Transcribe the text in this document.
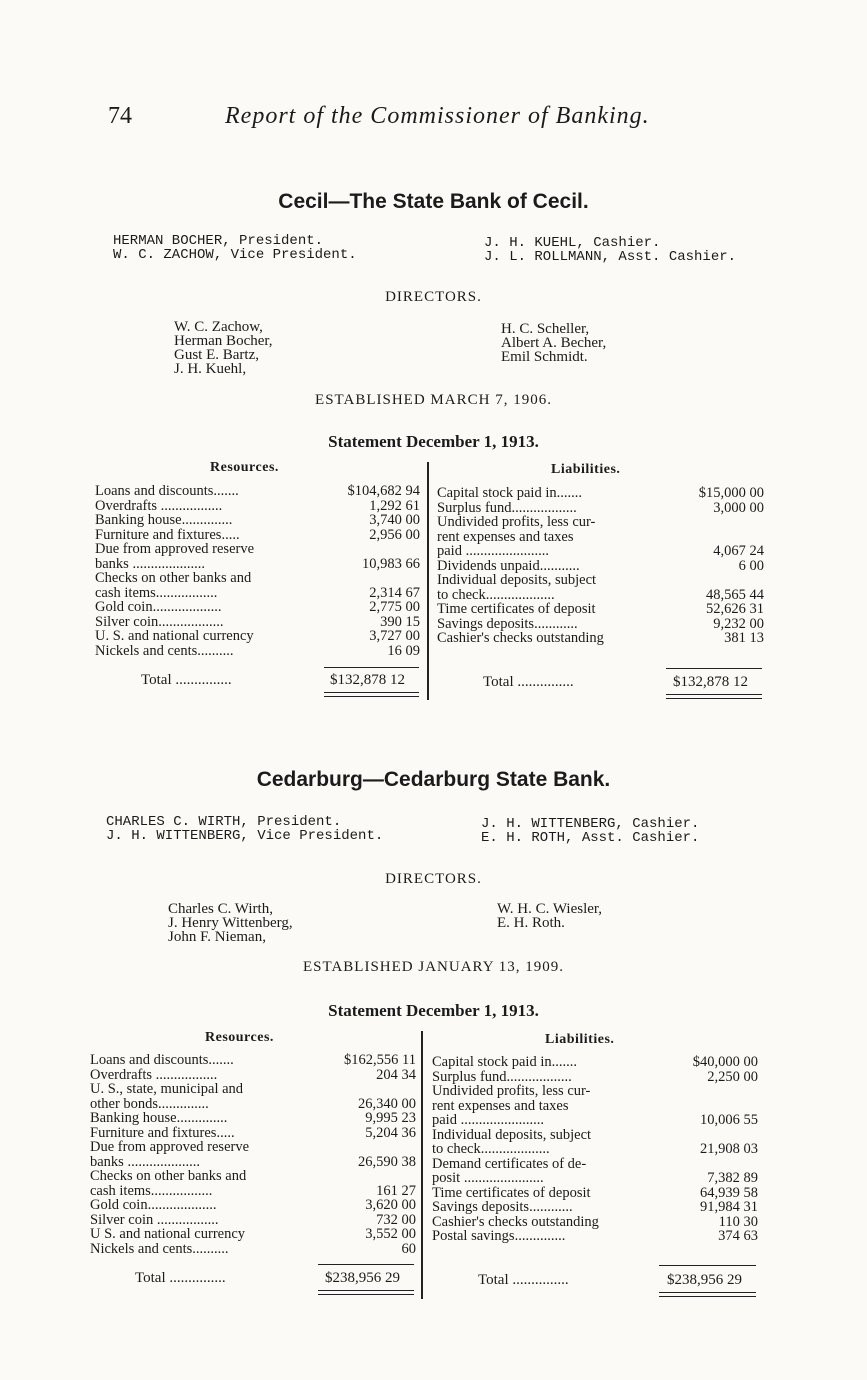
74	Report of the Commissioner of Banking.
Cecil—The State Bank of Cecil.
HERMAN BOCHER, President.
W. C. ZACHOW, Vice President.
J. H. KUEHL, Cashier.
J. L. ROLLMANN, Asst. Cashier.
DIRECTORS.
W. C. Zachow,
Herman Bocher,
Gust E. Bartz,
J. H. Kuehl,
H. C. Scheller,
Albert A. Becher,
Emil Schmidt.
ESTABLISHED MARCH 7, 1906.
Statement December 1, 1913.
Resources.	Liabilities.
Loans and discounts.......	$104,682 94
Overdrafts .................	1,292 61
Banking house..............	3,740 00
Furniture and fixtures.....	2,956 00
Due from approved reserve
banks ....................	10,983 66
Checks on other banks and
cash items.................	2,314 67
Gold coin...................	2,775 00
Silver coin..................	390 15
U. S. and national currency	3,727 00
Nickels and cents..........	16 09
Capital stock paid in.......	$15,000 00
Surplus fund..................	3,000 00
Undivided profits, less cur-
rent expenses and taxes
paid .......................	4,067 24
Dividends unpaid...........	6 00
Individual deposits, subject
to check...................	48,565 44
Time certificates of deposit	52,626 31
Savings deposits............	9,232 00
Cashier's checks outstanding	381 13
Total ...............	$132,878 12	Total ...............	$132,878 12
Cedarburg—Cedarburg State Bank.
CHARLES C. WIRTH, President.
J. H. WITTENBERG, Vice President.
J. H. WITTENBERG, Cashier.
E. H. ROTH, Asst. Cashier.
DIRECTORS.
Charles C. Wirth,
J. Henry Wittenberg,
John F. Nieman,
W. H. C. Wiesler,
E. H. Roth.
ESTABLISHED JANUARY 13, 1909.
Statement December 1, 1913.
Resources.	Liabilities.
Loans and discounts.......	$162,556 11
Overdrafts .................	204 34
U. S., state, municipal and
other bonds..............	26,340 00
Banking house..............	9,995 23
Furniture and fixtures.....	5,204 36
Due from approved reserve
banks ....................	26,590 38
Checks on other banks and
cash items.................	161 27
Gold coin...................	3,620 00
Silver coin .................	732 00
U S. and national currency	3,552 00
Nickels and cents..........	60
Capital stock paid in.......	$40,000 00
Surplus fund..................	2,250 00
Undivided profits, less cur-
rent expenses and taxes
paid .......................	10,006 55
Individual deposits, subject
to check...................	21,908 03
Demand certificates of de-
posit ......................	7,382 89
Time certificates of deposit	64,939 58
Savings deposits............	91,984 31
Cashier's checks outstanding	110 30
Postal savings..............	374 63
Total ...............	$238,956 29	Total ...............	$238,956 29
